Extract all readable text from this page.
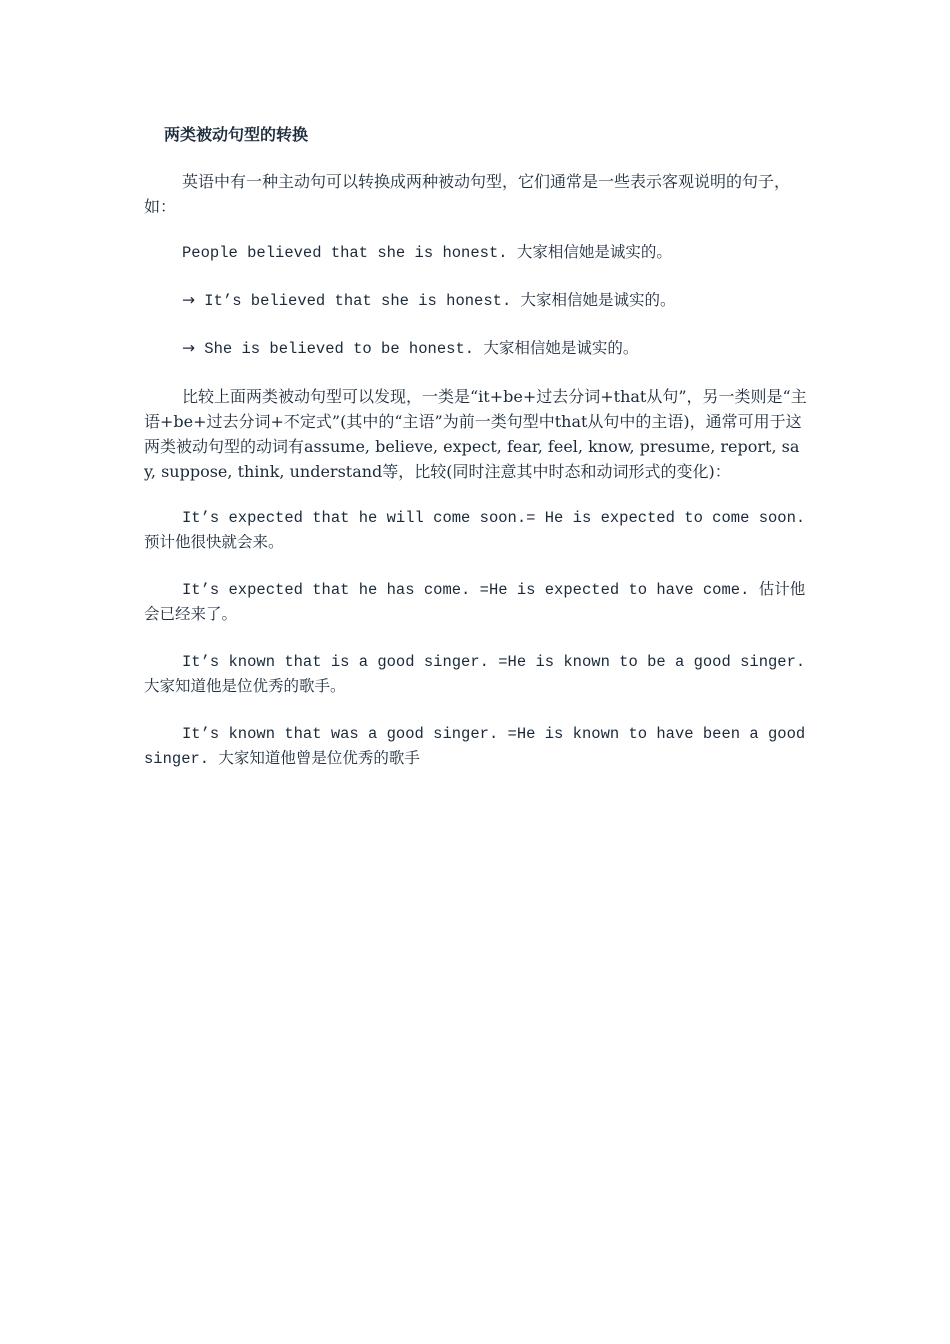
两类被动句型的转换

英语中有一种主动句可以转换成两种被动句型，它们通常是一些表示客观说明的句子，如：

People believed that she is honest. 大家相信她是诚实的。

→ It’s believed that she is honest. 大家相信她是诚实的。

→ She is believed to be honest. 大家相信她是诚实的。

比较上面两类被动句型可以发现，一类是“it+be+过去分词+that从句”，另一类则是“主语+be+过去分词+不定式”(其中的“主语”为前一类句型中that从句中的主语)，通常可用于这两类被动句型的动词有assume, believe, expect, fear, feel, know, presume, report, say, suppose, think, understand等，比较(同时注意其中时态和动词形式的变化)：

It’s expected that he will come soon.= He is expected to come soon. 预计他很快就会来。

It’s expected that he has come. =He is expected to have come. 估计他会已经来了。

It’s known that is a good singer. =He is known to be a good singer. 大家知道他是位优秀的歌手。

It’s known that was a good singer. =He is known to have been a good singer. 大家知道他曾是位优秀的歌手
